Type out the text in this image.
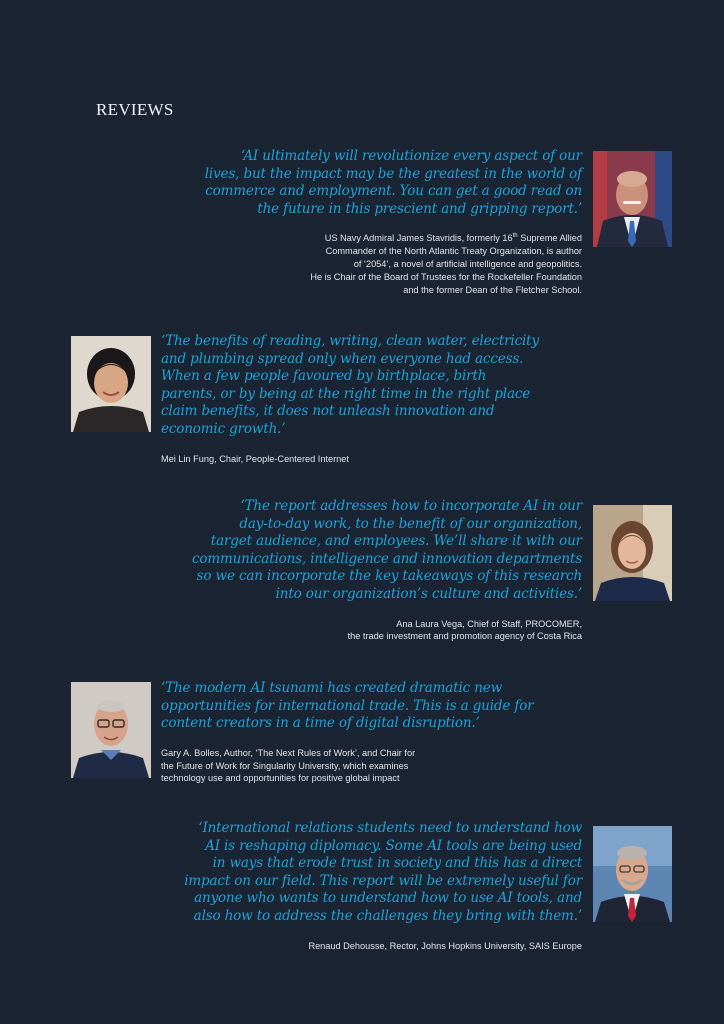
REVIEWS
‘AI ultimately will revolutionize every aspect of our
lives, but the impact may be the greatest in the world of
commerce and employment. You can get a good read on
the future in this prescient and gripping report.’
US Navy Admiral James Stavridis, formerly 16th Supreme Allied
Commander of the North Atlantic Treaty Organization, is author
of ‘2054’, a novel of artificial intelligence and geopolitics.
He is Chair of the Board of Trustees for the Rockefeller Foundation
and the former Dean of the Fletcher School.
‘The benefits of reading, writing, clean water, electricity
and plumbing spread only when everyone had access.
When a few people favoured by birthplace, birth
parents, or by being at the right time in the right place
claim benefits, it does not unleash innovation and
economic growth.’
Mei Lin Fung, Chair, People-Centered Internet
‘The report addresses how to incorporate AI in our
day-to-day work, to the benefit of our organization,
target audience, and employees. We’ll share it with our
communications, intelligence and innovation departments
so we can incorporate the key takeaways of this research
into our organization’s culture and activities.’
Ana Laura Vega, Chief of Staff, PROCOMER,
the trade investment and promotion agency of Costa Rica
‘The modern AI tsunami has created dramatic new
opportunities for international trade. This is a guide for
content creators in a time of digital disruption.’
Gary A. Bolles, Author, ‘The Next Rules of Work’, and Chair for
the Future of Work for Singularity University, which examines
technology use and opportunities for positive global impact
‘International relations students need to understand how
AI is reshaping diplomacy. Some AI tools are being used
in ways that erode trust in society and this has a direct
impact on our field. This report will be extremely useful for
anyone who wants to understand how to use AI tools, and
also how to address the challenges they bring with them.’
Renaud Dehousse, Rector, Johns Hopkins University, SAIS Europe
